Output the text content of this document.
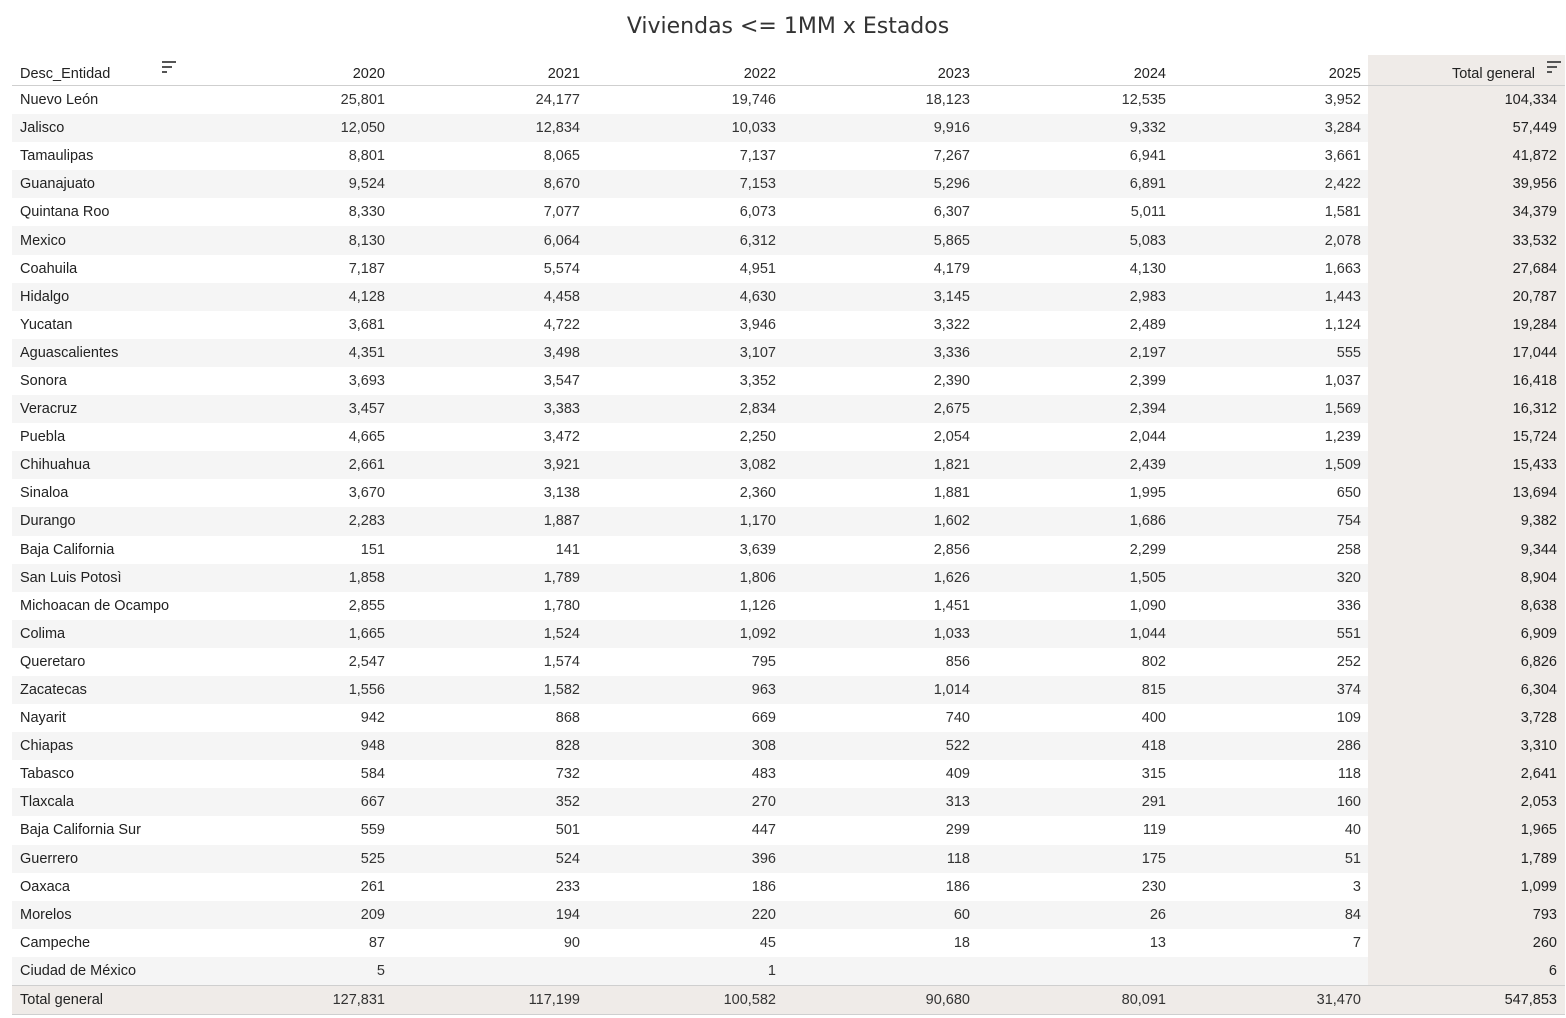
Viviendas <= 1MM x Estados
Desc_Entidad	2020	2021	2022	2023	2024	2025	Total general

Nuevo León	25,801	24,177	19,746	18,123	12,535	3,952	104,334
Jalisco	12,050	12,834	10,033	9,916	9,332	3,284	57,449
Tamaulipas	8,801	8,065	7,137	7,267	6,941	3,661	41,872
Guanajuato	9,524	8,670	7,153	5,296	6,891	2,422	39,956
Quintana Roo	8,330	7,077	6,073	6,307	5,011	1,581	34,379
Mexico	8,130	6,064	6,312	5,865	5,083	2,078	33,532
Coahuila	7,187	5,574	4,951	4,179	4,130	1,663	27,684
Hidalgo	4,128	4,458	4,630	3,145	2,983	1,443	20,787
Yucatan	3,681	4,722	3,946	3,322	2,489	1,124	19,284
Aguascalientes	4,351	3,498	3,107	3,336	2,197	555	17,044
Sonora	3,693	3,547	3,352	2,390	2,399	1,037	16,418
Veracruz	3,457	3,383	2,834	2,675	2,394	1,569	16,312
Puebla	4,665	3,472	2,250	2,054	2,044	1,239	15,724
Chihuahua	2,661	3,921	3,082	1,821	2,439	1,509	15,433
Sinaloa	3,670	3,138	2,360	1,881	1,995	650	13,694
Durango	2,283	1,887	1,170	1,602	1,686	754	9,382
Baja California	151	141	3,639	2,856	2,299	258	9,344
San Luis Potosì	1,858	1,789	1,806	1,626	1,505	320	8,904
Michoacan de Ocampo	2,855	1,780	1,126	1,451	1,090	336	8,638
Colima	1,665	1,524	1,092	1,033	1,044	551	6,909
Queretaro	2,547	1,574	795	856	802	252	6,826
Zacatecas	1,556	1,582	963	1,014	815	374	6,304
Nayarit	942	868	669	740	400	109	3,728
Chiapas	948	828	308	522	418	286	3,310
Tabasco	584	732	483	409	315	118	2,641
Tlaxcala	667	352	270	313	291	160	2,053
Baja California Sur	559	501	447	299	119	40	1,965
Guerrero	525	524	396	118	175	51	1,789
Oaxaca	261	233	186	186	230	3	1,099
Morelos	209	194	220	60	26	84	793
Campeche	87	90	45	18	13	7	260
Ciudad de México	5		1				6
Total general	127,831	117,199	100,582	90,680	80,091	31,470	547,853
